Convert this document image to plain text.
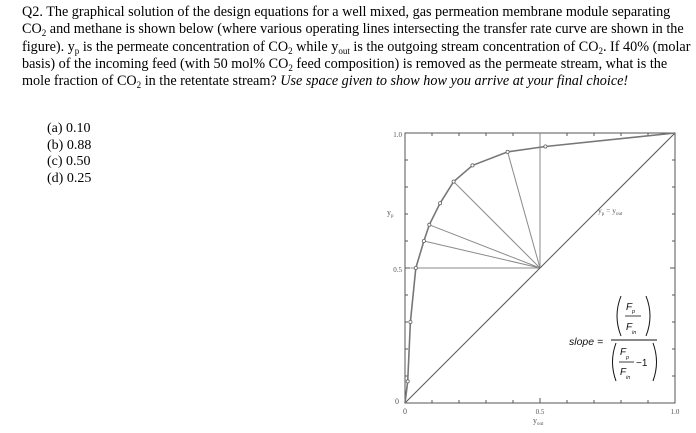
Q2. The graphical solution of the design equations for a well mixed, gas permeation membrane module separating $CO_2$ and methane is shown below (where various operating lines intersecting the transfer rate curve are shown in the figure). $y_p$ is the permeate concentration of $CO_2$ while $y_{out}$ is the outgoing stream concentration of $CO_2$. If 40% (molar basis) of the incoming feed (with 50 mol% $CO_2$ feed composition) is removed as the permeate stream, what is the mole fraction of $CO_2$ in the retentate stream? Use space given to show how you arrive at your final choice!

(a) 0.10
(b) 0.88
(c) 0.50
(d) 0.25
1.0
0.5
0
0	0.5	1.0
$y_p$
$y_{out}$
$y_p = y_{out}$
slope =
F p
F in
F p
F in
−1
